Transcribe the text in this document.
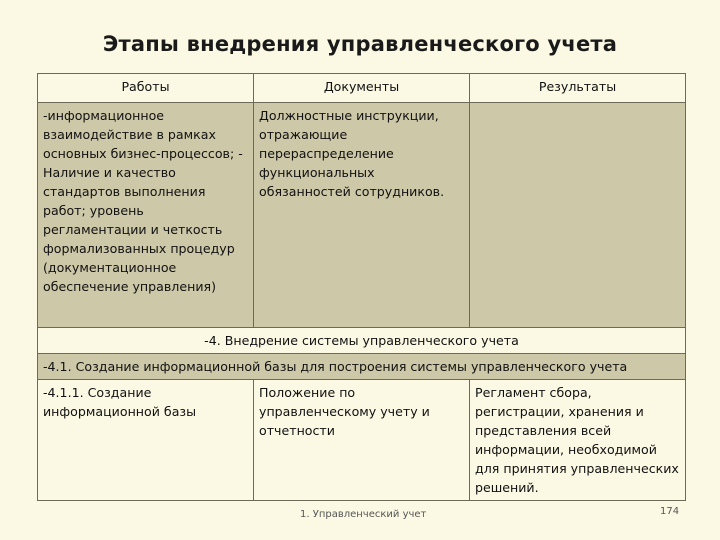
Этапы внедрения управленческого учета
Работы	Документы	Результаты
-информационное взаимодействие в рамках основных бизнес-процессов; - Наличие и качество стандартов выполнения работ; уровень регламентации и четкость формализованных процедур (документационное обеспечение управления)	Должностные инструкции, отражающие перераспределение функциональных обязанностей сотрудников.	
-4. Внедрение системы управленческого учета		
-4.1. Создание информационной базы для построения системы управленческого учета		
-4.1.1. Создание информационной базы	Положение по управленческому учету и отчетности	Регламент сбора, регистрации, хранения и представления всей информации, необходимой для принятия управленческих решений.
1. Управленческий учет	174
